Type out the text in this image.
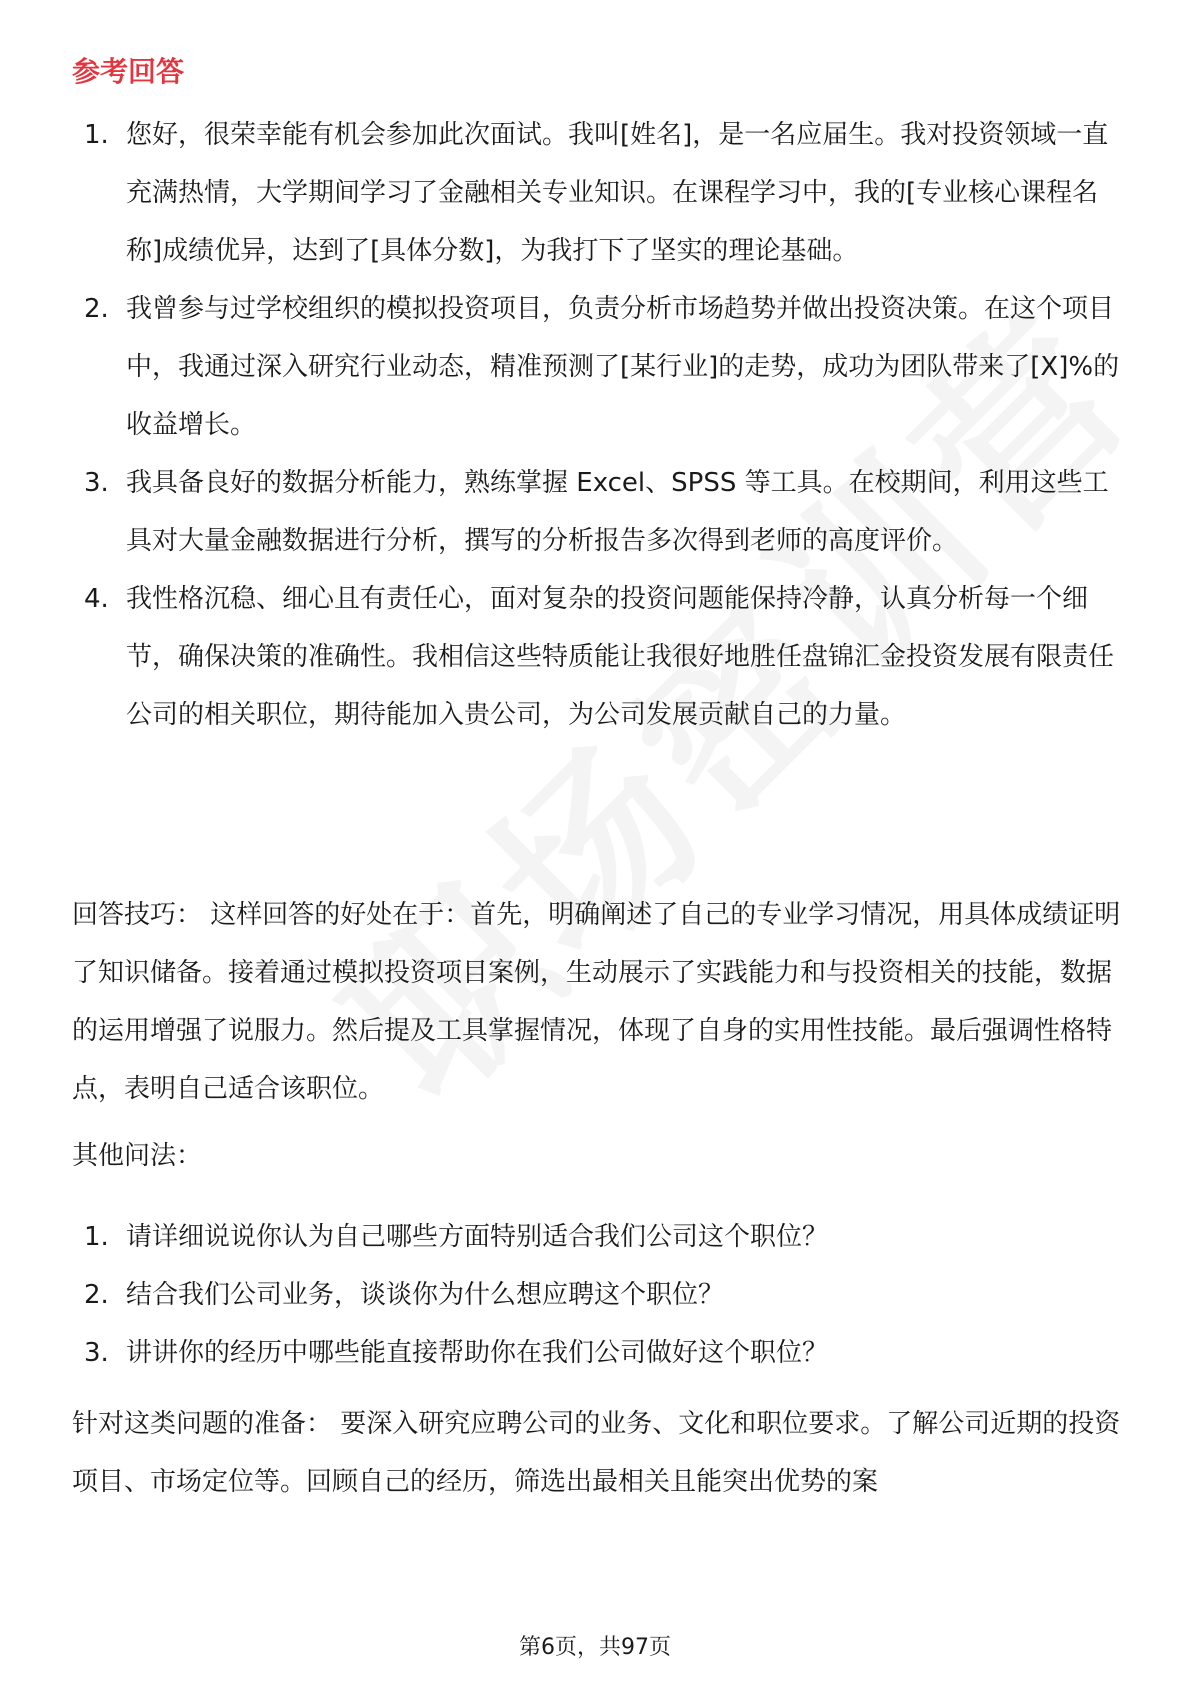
参考回答
1. 您好，很荣幸能有机会参加此次面试。我叫[姓名]，是一名应届生。我对投资领域一直充满热情，大学期间学习了金融相关专业知识。在课程学习中，我的[专业核心课程名称]成绩优异，达到了[具体分数]，为我打下了坚实的理论基础。
2. 我曾参与过学校组织的模拟投资项目，负责分析市场趋势并做出投资决策。在这个项目中，我通过深入研究行业动态，精准预测了[某行业]的走势，成功为团队带来了[X]%的收益增长。
3. 我具备良好的数据分析能力，熟练掌握 Excel、SPSS 等工具。在校期间，利用这些工具对大量金融数据进行分析，撰写的分析报告多次得到老师的高度评价。
4. 我性格沉稳、细心且有责任心，面对复杂的投资问题能保持冷静，认真分析每一个细节，确保决策的准确性。我相信这些特质能让我很好地胜任盘锦汇金投资发展有限责任公司的相关职位，期待能加入贵公司，为公司发展贡献自己的力量。

回答技巧： 这样回答的好处在于：首先，明确阐述了自己的专业学习情况，用具体成绩证明了知识储备。接着通过模拟投资项目案例，生动展示了实践能力和与投资相关的技能，数据的运用增强了说服力。然后提及工具掌握情况，体现了自身的实用性技能。最后强调性格特点，表明自己适合该职位。

其他问法：

1. 请详细说说你认为自己哪些方面特别适合我们公司这个职位？
2. 结合我们公司业务，谈谈你为什么想应聘这个职位？
3. 讲讲你的经历中哪些能直接帮助你在我们公司做好这个职位？

针对这类问题的准备： 要深入研究应聘公司的业务、文化和职位要求。了解公司近期的投资项目、市场定位等。回顾自己的经历，筛选出最相关且能突出优势的案

第6页，共97页
